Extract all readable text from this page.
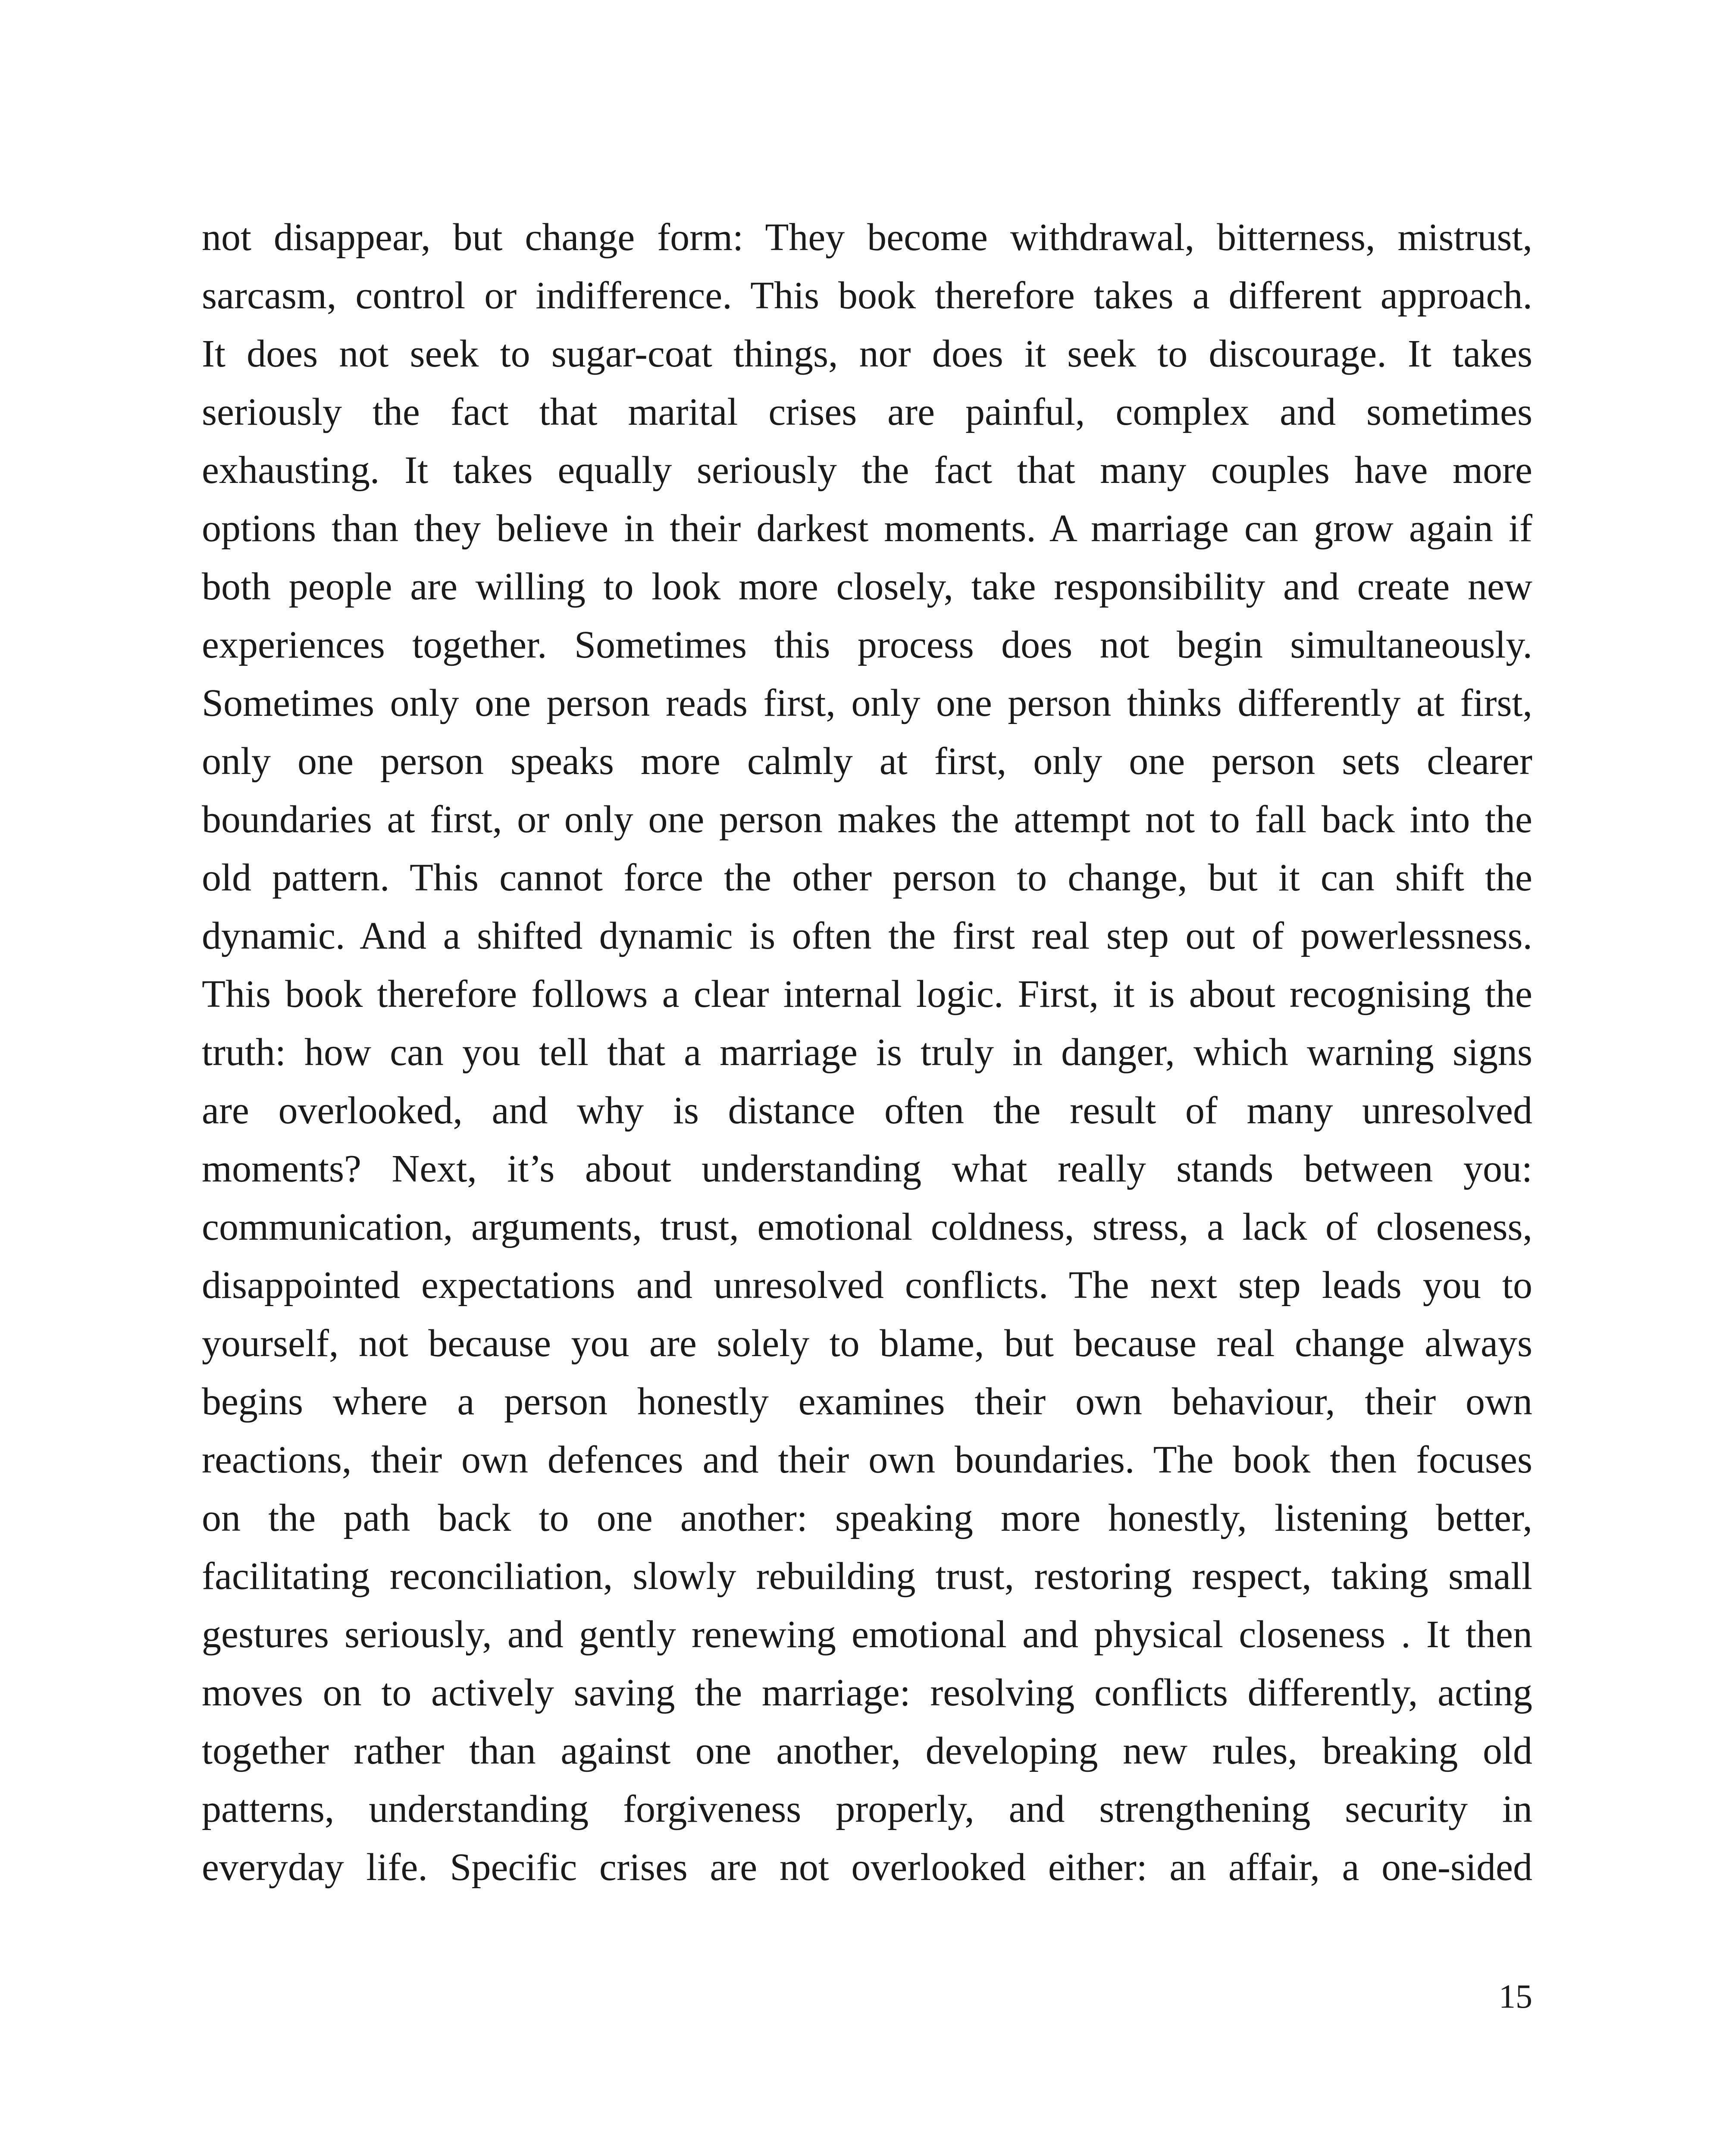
not disappear, but change form: They become withdrawal, bitterness, mistrust,
sarcasm, control or indifference. This book therefore takes a different approach.
It does not seek to sugar-coat things, nor does it seek to discourage. It takes
seriously the fact that marital crises are painful, complex and sometimes
exhausting. It takes equally seriously the fact that many couples have more
options than they believe in their darkest moments. A marriage can grow again if
both people are willing to look more closely, take responsibility and create new
experiences together. Sometimes this process does not begin simultaneously.
Sometimes only one person reads first, only one person thinks differently at first,
only one person speaks more calmly at first, only one person sets clearer
boundaries at first, or only one person makes the attempt not to fall back into the
old pattern. This cannot force the other person to change, but it can shift the
dynamic. And a shifted dynamic is often the first real step out of powerlessness.
This book therefore follows a clear internal logic. First, it is about recognising the
truth: how can you tell that a marriage is truly in danger, which warning signs
are overlooked, and why is distance often the result of many unresolved
moments? Next, it’s about understanding what really stands between you:
communication, arguments, trust, emotional coldness, stress, a lack of closeness,
disappointed expectations and unresolved conflicts. The next step leads you to
yourself, not because you are solely to blame, but because real change always
begins where a person honestly examines their own behaviour, their own
reactions, their own defences and their own boundaries. The book then focuses
on the path back to one another: speaking more honestly, listening better,
facilitating reconciliation, slowly rebuilding trust, restoring respect, taking small
gestures seriously, and gently renewing emotional and physical closeness . It then
moves on to actively saving the marriage: resolving conflicts differently, acting
together rather than against one another, developing new rules, breaking old
patterns, understanding forgiveness properly, and strengthening security in
everyday life. Specific crises are not overlooked either: an affair, a one-sided
15
